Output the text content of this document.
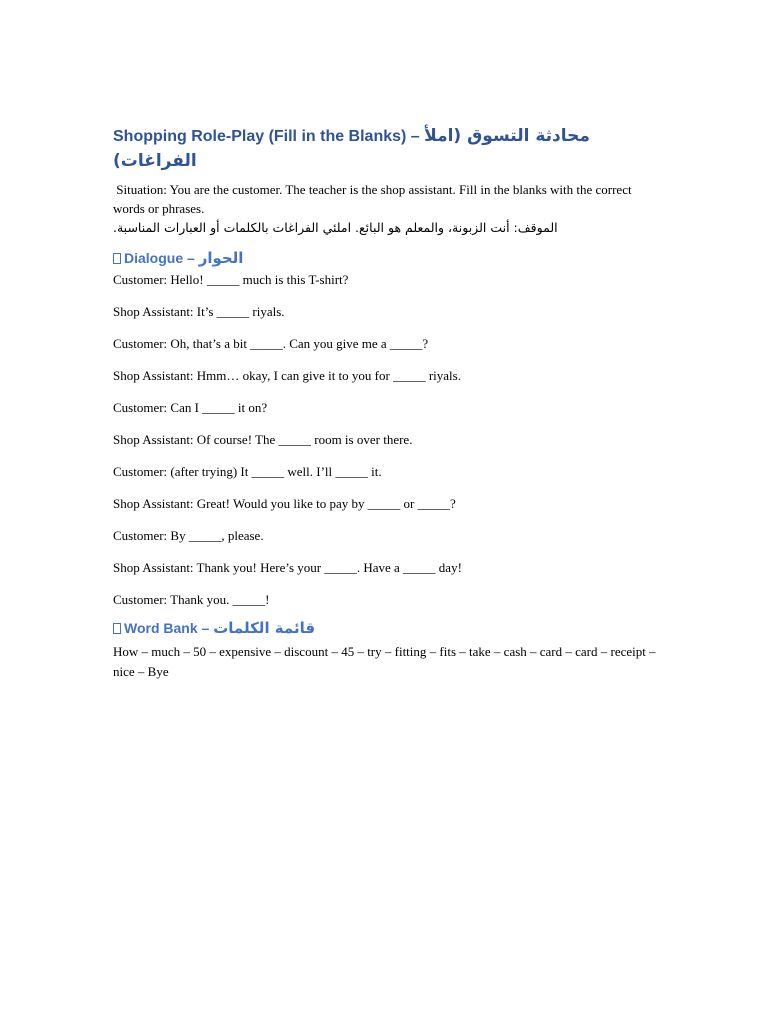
Shopping Role-Play (Fill in the Blanks) – محادثة التسوق (املأ الفراغات)

Situation: You are the customer. The teacher is the shop assistant. Fill in the blanks with the correct words or phrases.

الموقف: أنت الزبونة، والمعلم هو البائع. املئي الفراغات بالكلمات أو العبارات المناسبة.

Dialogue – الحوار
Customer: Hello! _____ much is this T-shirt?
Shop Assistant: It’s _____ riyals.
Customer: Oh, that’s a bit _____. Can you give me a _____?
Shop Assistant: Hmm… okay, I can give it to you for _____ riyals.
Customer: Can I _____ it on?
Shop Assistant: Of course! The _____ room is over there.
Customer: (after trying) It _____ well. I’ll _____ it.
Shop Assistant: Great! Would you like to pay by _____ or _____?
Customer: By _____, please.
Shop Assistant: Thank you! Here’s your _____. Have a _____ day!
Customer: Thank you. _____!
Word Bank – قائمة الكلمات

How – much – 50 – expensive – discount – 45 – try – fitting – fits – take – cash – card – card – receipt – nice – Bye
